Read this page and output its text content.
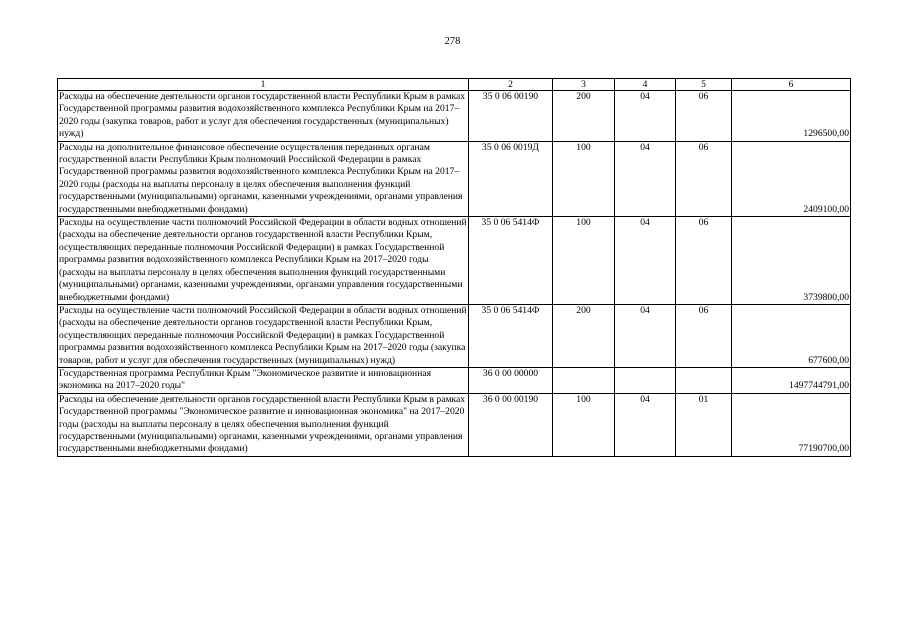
278
1	2	3	4	5	6
Расходы на обеспечение деятельности органов государственной власти Республики Крым в рамках Государственной программы развития водохозяйственного комплекса Республики Крым на 2017–2020 годы (закупка товаров, работ и услуг для обеспечения государственных (муниципальных) нужд)	35 0 06 00190	200	04	06	1296500,00
Расходы на дополнительное финансовое обеспечение осуществления переданных органам государственной власти Республики Крым полномочий Российской Федерации в рамках Государственной программы развития водохозяйственного комплекса Республики Крым на 2017–2020 годы (расходы на выплаты персоналу в целях обеспечения выполнения функций государственными (муниципальными) органами, казенными учреждениями, органами управления государственными внебюджетными фондами)	35 0 06 0019Д	100	04	06	2409100,00
Расходы на осуществление части полномочий Российской Федерации в области водных отношений (расходы на обеспечение деятельности органов государственной власти Республики Крым, осуществляющих переданные полномочия Российской Федерации) в рамках Государственной программы развития водохозяйственного комплекса Республики Крым на 2017–2020 годы (расходы на выплаты персоналу в целях обеспечения выполнения функций государственными (муниципальными) органами, казенными учреждениями, органами управления государственными внебюджетными фондами)	35 0 06 5414Ф	100	04	06	3739800,00
Расходы на осуществление части полномочий Российской Федерации в области водных отношений (расходы на обеспечение деятельности органов государственной власти Республики Крым, осуществляющих переданные полномочия Российской Федерации) в рамках Государственной программы развития водохозяйственного комплекса Республики Крым на 2017–2020 годы (закупка товаров, работ и услуг для обеспечения государственных (муниципальных) нужд)	35 0 06 5414Ф	200	04	06	677600,00
Государственная программа Республики Крым "Экономическое развитие и инновационная экономика на 2017–2020 годы"	36 0 00 00000				1497744791,00
Расходы на обеспечение деятельности органов государственной власти Республики Крым в рамках Государственной программы "Экономическое развитие и инновационная экономика" на 2017–2020 годы (расходы на выплаты персоналу в целях обеспечения выполнения функций государственными (муниципальными) органами, казенными учреждениями, органами управления государственными внебюджетными фондами)	36 0 00 00190	100	04	01	77190700,00
